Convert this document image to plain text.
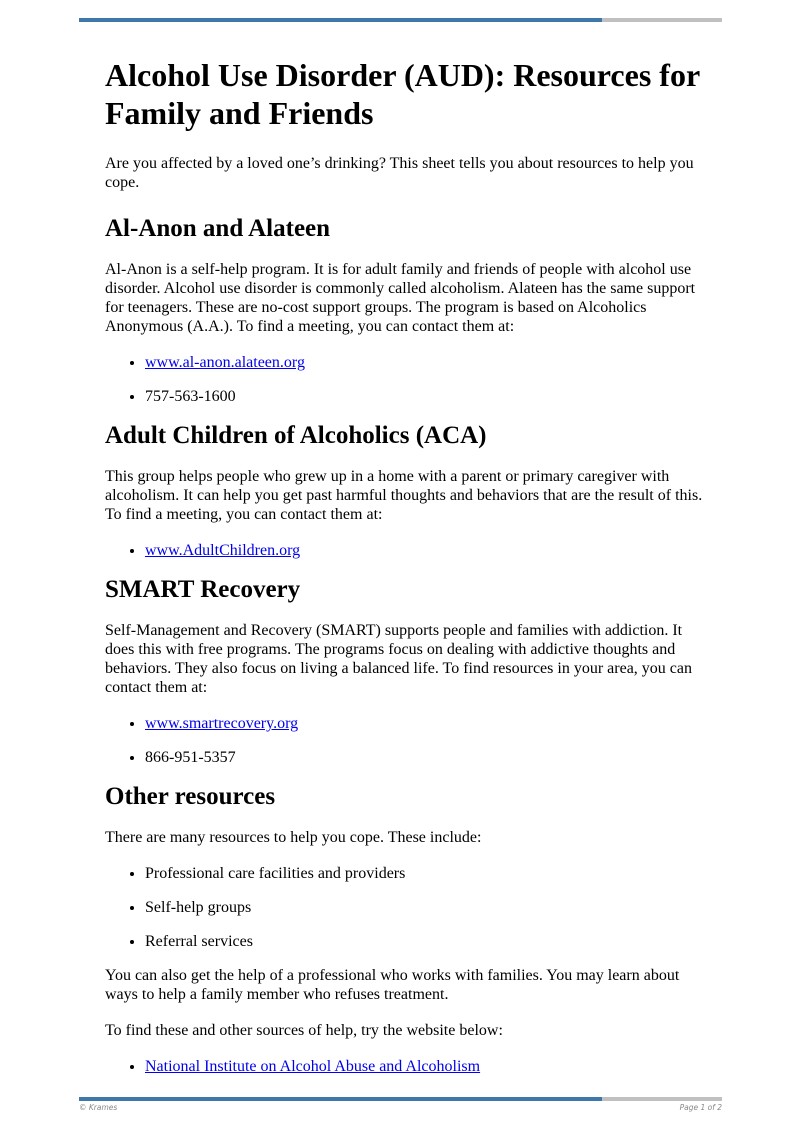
Alcohol Use Disorder (AUD): Resources for Family and Friends

Are you affected by a loved one’s drinking? This sheet tells you about resources to help you cope.

Al-Anon and Alateen

Al-Anon is a self-help program. It is for adult family and friends of people with alcohol use disorder. Alcohol use disorder is commonly called alcoholism. Alateen has the same support for teenagers. These are no-cost support groups. The program is based on Alcoholics Anonymous (A.A.). To find a meeting, you can contact them at:

• www.al-anon.alateen.org
• 757-563-1600
Adult Children of Alcoholics (ACA)

This group helps people who grew up in a home with a parent or primary caregiver with alcoholism. It can help you get past harmful thoughts and behaviors that are the result of this. To find a meeting, you can contact them at:

• www.AdultChildren.org
SMART Recovery

Self-Management and Recovery (SMART) supports people and families with addiction. It does this with free programs. The programs focus on dealing with addictive thoughts and behaviors. They also focus on living a balanced life. To find resources in your area, you can contact them at:

• www.smartrecovery.org
• 866-951-5357
Other resources

There are many resources to help you cope. These include:

• Professional care facilities and providers
• Self-help groups
• Referral services

You can also get the help of a professional who works with families. You may learn about ways to help a family member who refuses treatment.

To find these and other sources of help, try the website below:

• National Institute on Alcohol Abuse and Alcoholism
© Krames	Page 1 of 2
